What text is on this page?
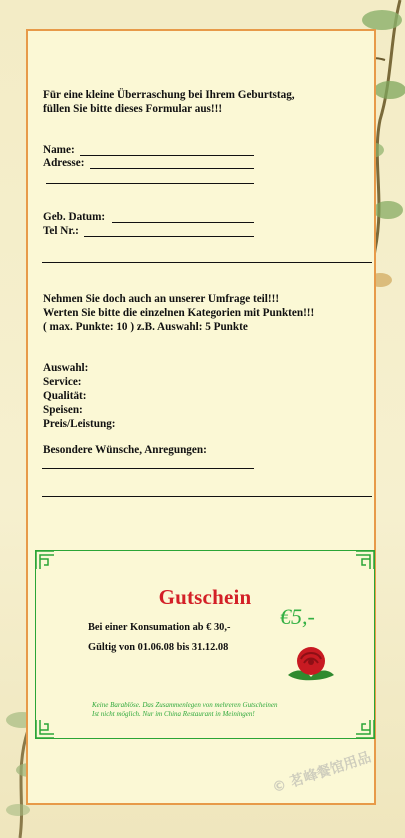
Für eine kleine Überraschung bei Ihrem Geburtstag,
füllen Sie bitte dieses Formular aus!!!
Name:
Adresse:
Geb. Datum:
Tel Nr.:
Nehmen Sie doch auch an unserer Umfrage teil!!!
Werten Sie bitte die einzelnen Kategorien mit Punkten!!!
( max. Punkte: 10 ) z.B. Auswahl: 5 Punkte
Auswahl:
Service:
Qualität:
Speisen:
Preis/Leistung:
Besondere Wünsche, Anregungen:
Gutschein
Bei einer Konsumation ab € 30,-
Gültig von 01.06.08 bis 31.12.08
€5,-
Keine Barablöse. Das Zusammenlegen von mehreren Gutscheinen
Ist nicht möglich. Nur im China Restaurant in Meiningen!
© 茗峰餐馆用品
